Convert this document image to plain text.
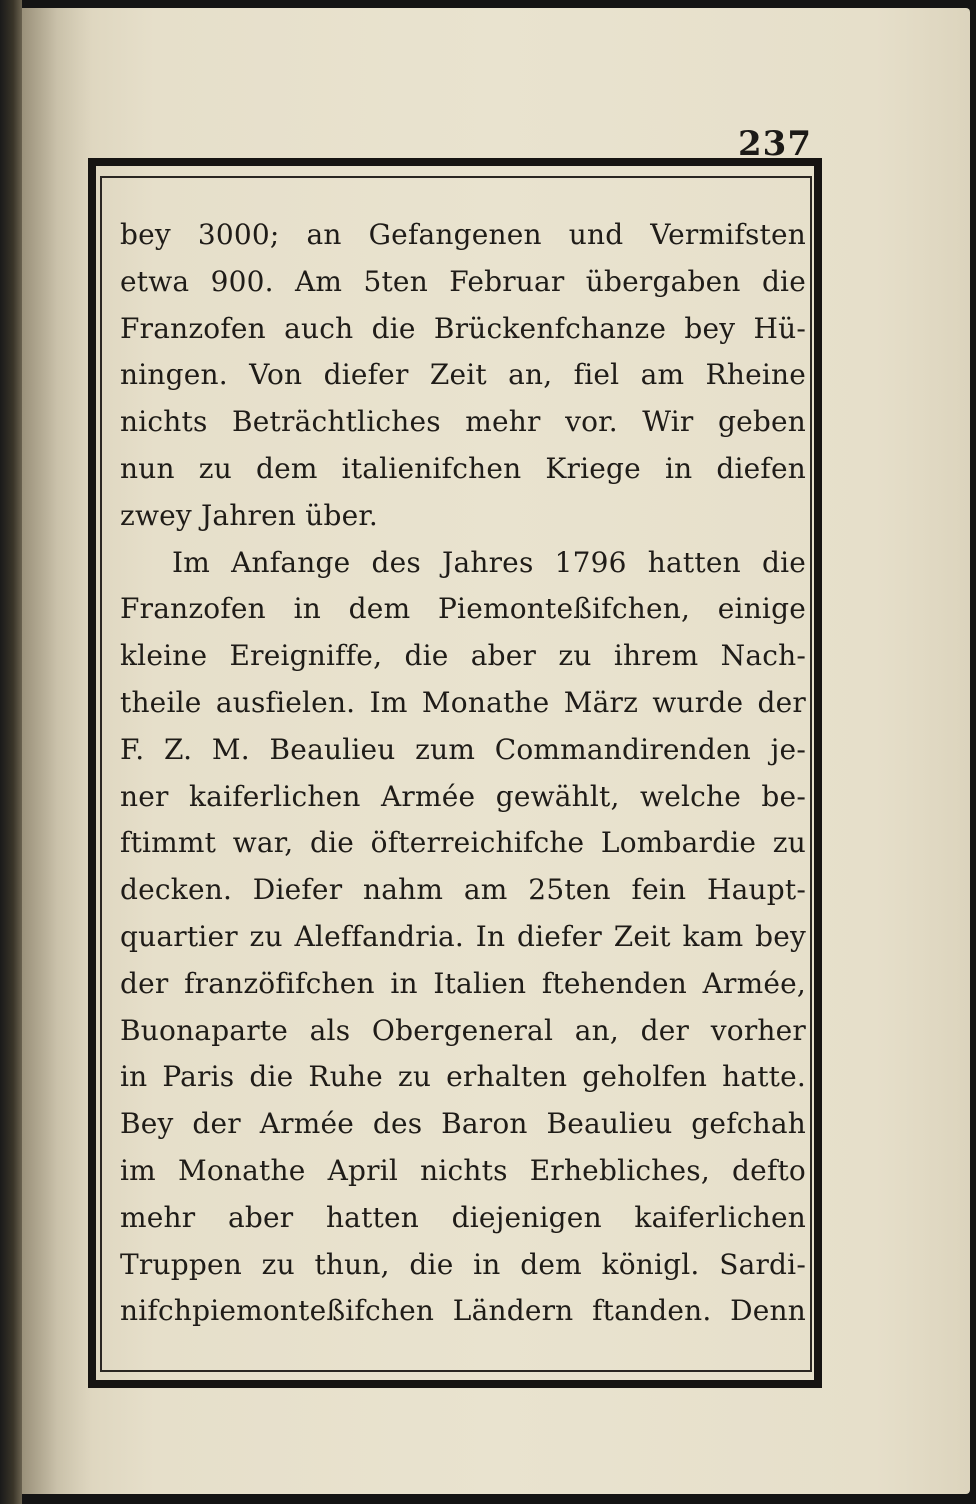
237
bey 3000; an Gefangenen und Vermifsten
etwa 900. Am 5ten Februar übergaben die
Franzofen auch die Brückenfchanze bey Hü-
ningen. Von diefer Zeit an, fiel am Rheine
nichts Beträchtliches mehr vor. Wir geben
nun zu dem italienifchen Kriege in diefen
zwey Jahren über.
Im Anfange des Jahres 1796 hatten die
Franzofen in dem Piemonteßifchen, einige
kleine Ereigniffe, die aber zu ihrem Nach-
theile ausfielen. Im Monathe März wurde der
F. Z. M. Beaulieu zum Commandirenden je-
ner kaiferlichen Armée gewählt, welche be-
ftimmt war, die öfterreichifche Lombardie zu
decken. Diefer nahm am 25ten fein Haupt-
quartier zu Aleffandria. In diefer Zeit kam bey
der franzöfifchen in Italien ftehenden Armée,
Buonaparte als Obergeneral an, der vorher
in Paris die Ruhe zu erhalten geholfen hatte.
Bey der Armée des Baron Beaulieu gefchah
im Monathe April nichts Erhebliches, defto
mehr aber hatten diejenigen kaiferlichen
Truppen zu thun, die in dem königl. Sardi-
nifchpiemonteßifchen Ländern ftanden. Denn
